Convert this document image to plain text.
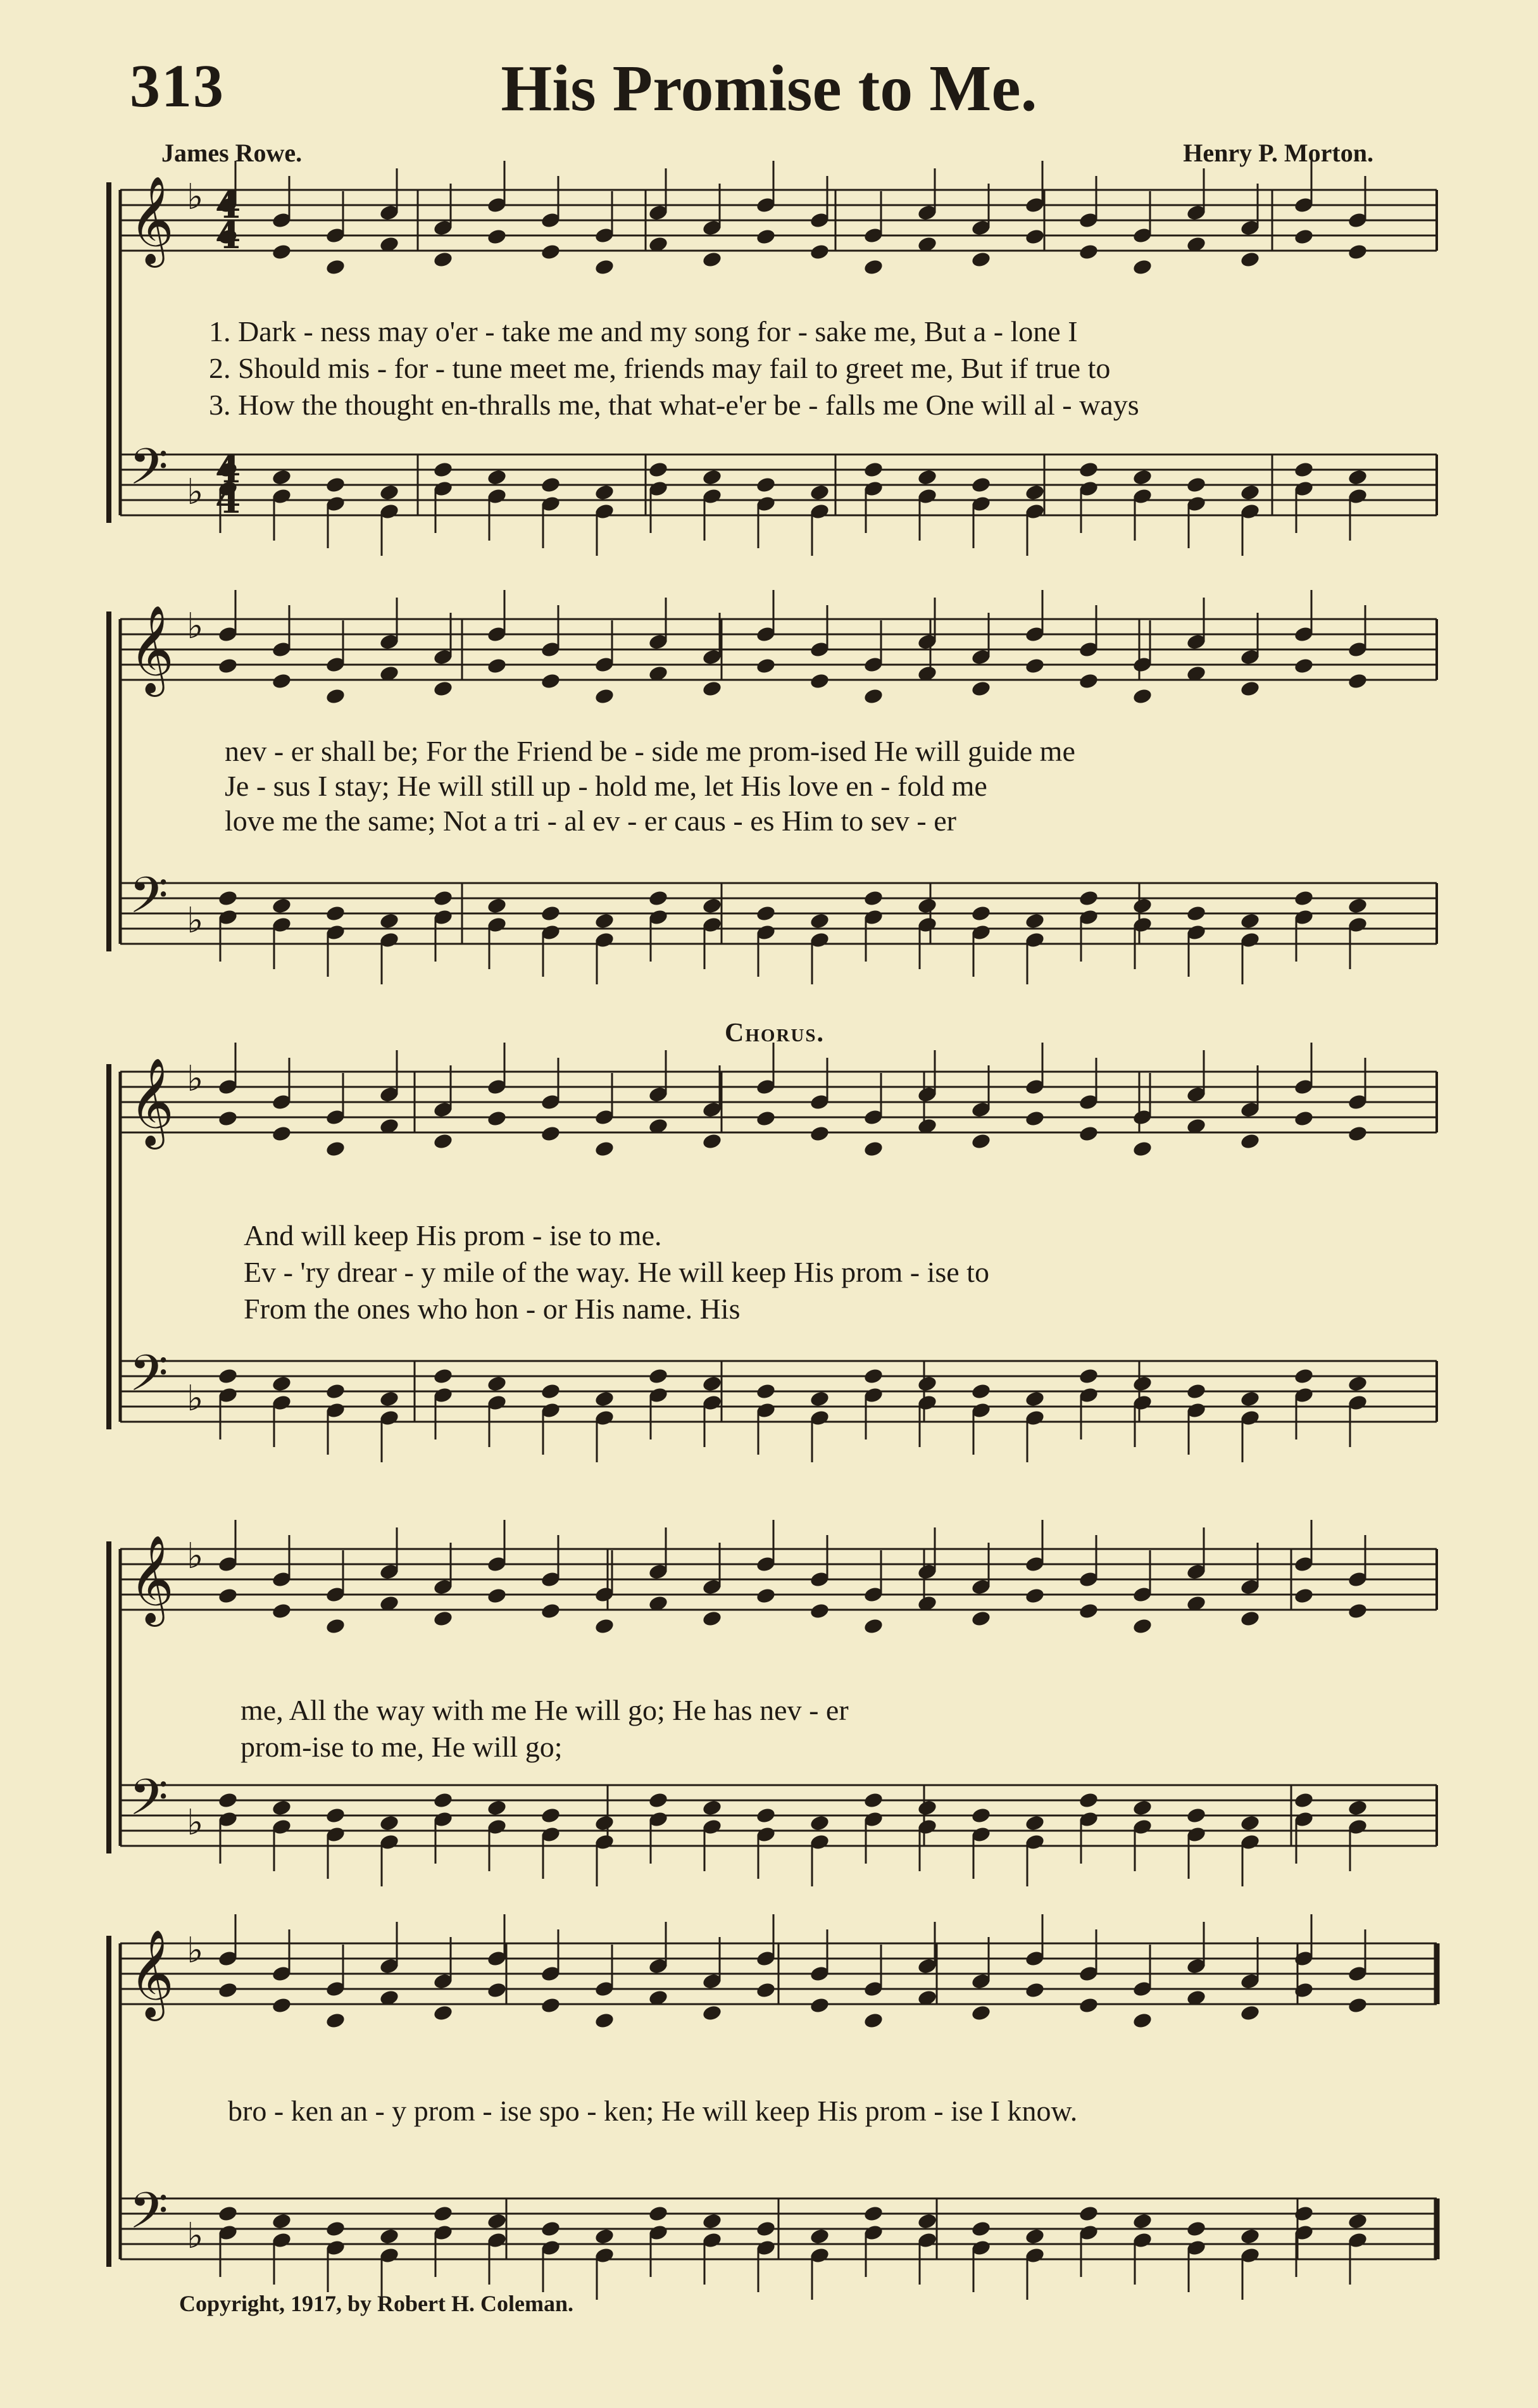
313	His Promise to Me.
James Rowe.	Henry P. Morton.
𝄞
𝄢
♭
♭
4
4
4
4
𝄞
𝄢
♭
♭
𝄞
𝄢
♭
♭
𝄞
𝄢
♭
♭
𝄞
𝄢
♭
♭
1. Dark - ness may o'er - take me and my song for - sake me, But a - lone I
2. Should mis - for - tune meet me, friends may fail to greet me, But if true to
3. How the thought en-thralls me, that what-e'er be - falls me One will al - ways
nev - er shall be; For the Friend be - side me prom-ised He will guide me
Je - sus I stay; He will still up - hold me, let His love en - fold me
love me the same; Not a tri - al ev - er caus - es Him to sev - er
Chorus.
And will keep His prom - ise to me.
Ev - 'ry drear - y mile of the way. He will keep His prom - ise to
From the ones who hon - or His name. His
me, All the way with me He will go; He has nev - er
prom-ise to me, He will go;
bro - ken an - y prom - ise spo - ken; He will keep His prom - ise I know.
Copyright, 1917, by Robert H. Coleman.
